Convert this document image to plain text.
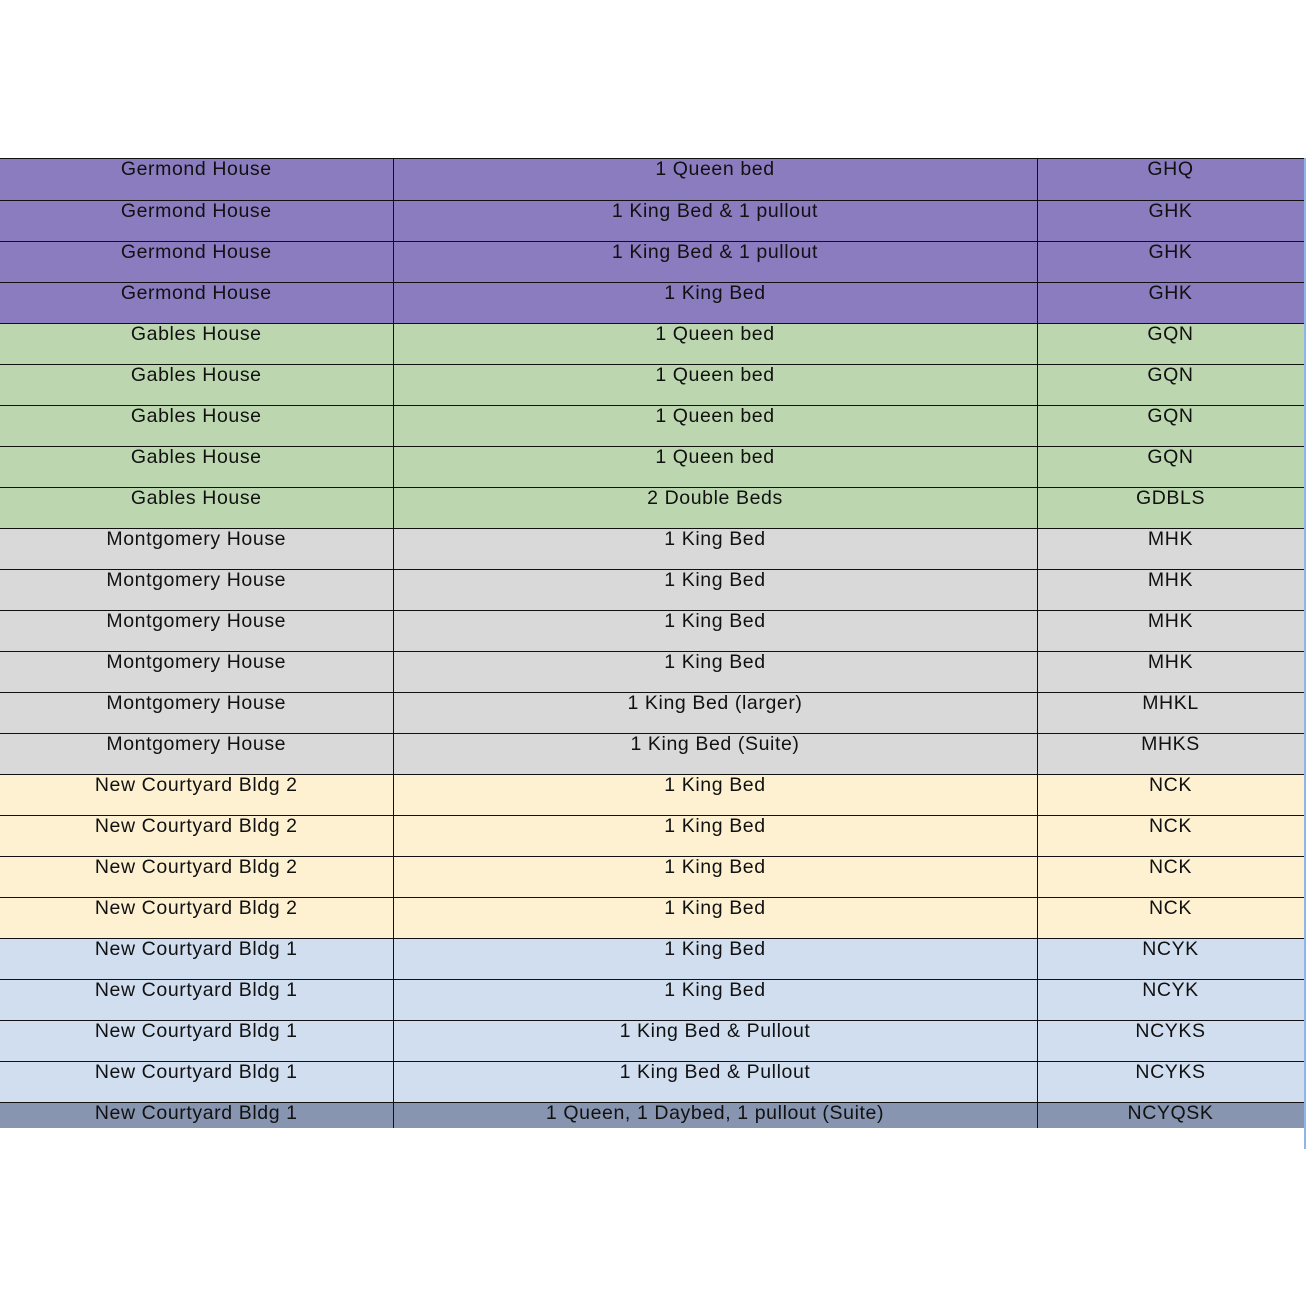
Germond House	1 Queen bed	GHQ
Germond House	1 King Bed & 1 pullout	GHK
Germond House	1 King Bed & 1 pullout	GHK
Germond House	1 King Bed	GHK
Gables House	1 Queen bed	GQN
Gables House	1 Queen bed	GQN
Gables House	1 Queen bed	GQN
Gables House	1 Queen bed	GQN
Gables House	2 Double Beds	GDBLS
Montgomery House	1 King Bed	MHK
Montgomery House	1 King Bed	MHK
Montgomery House	1 King Bed	MHK
Montgomery House	1 King Bed	MHK
Montgomery House	1 King Bed (larger)	MHKL
Montgomery House	1 King Bed (Suite)	MHKS
New Courtyard Bldg 2	1 King Bed	NCK
New Courtyard Bldg 2	1 King Bed	NCK
New Courtyard Bldg 2	1 King Bed	NCK
New Courtyard Bldg 2	1 King Bed	NCK
New Courtyard Bldg 1	1 King Bed	NCYK
New Courtyard Bldg 1	1 King Bed	NCYK
New Courtyard Bldg 1	1 King Bed & Pullout	NCYKS
New Courtyard Bldg 1	1 King Bed & Pullout	NCYKS
New Courtyard Bldg 1	1 Queen, 1 Daybed, 1 pullout (Suite)	NCYQSK
